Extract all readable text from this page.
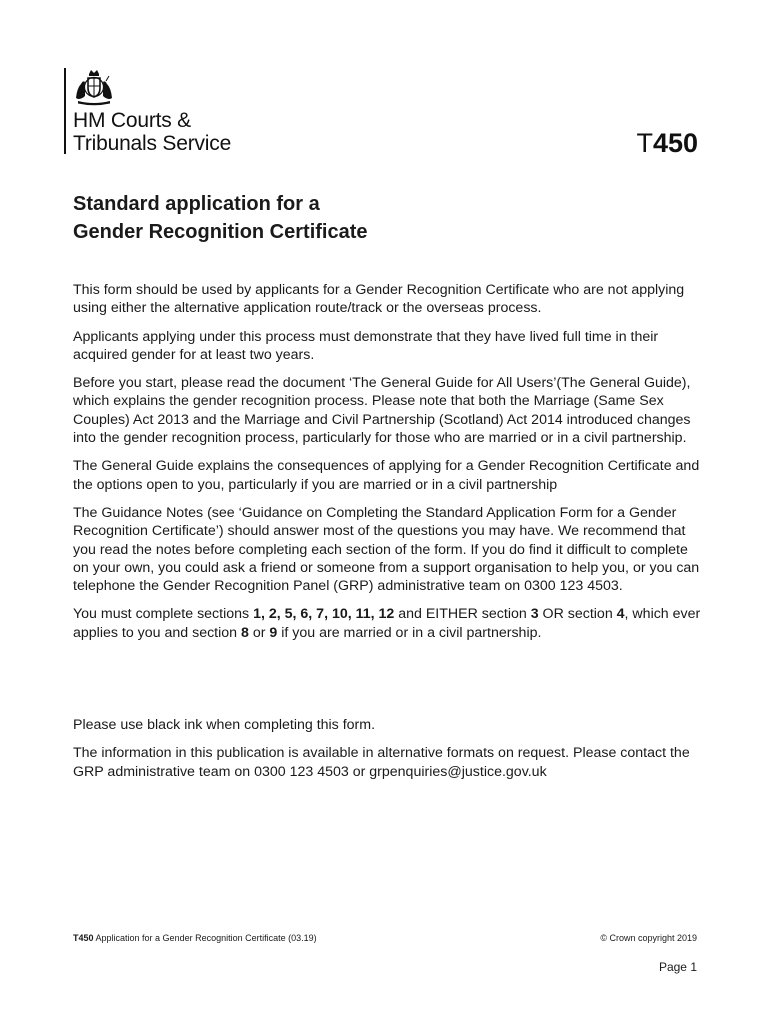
HM Courts &
Tribunals Service	T450
Standard application for a
Gender Recognition Certificate

This form should be used by applicants for a Gender Recognition Certificate who are not applying using either the alternative application route/track or the overseas process.

Applicants applying under this process must demonstrate that they have lived full time in their acquired gender for at least two years.

Before you start, please read the document ‘The General Guide for All Users’(The General Guide), which explains the gender recognition process. Please note that both the Marriage (Same Sex Couples) Act 2013 and the Marriage and Civil Partnership (Scotland) Act 2014 introduced changes into the gender recognition process, particularly for those who are married or in a civil partnership.

The General Guide explains the consequences of applying for a Gender Recognition Certificate and the options open to you, particularly if you are married or in a civil partnership

The Guidance Notes (see ‘Guidance on Completing the Standard Application Form for a Gender Recognition Certificate’) should answer most of the questions you may have. We recommend that you read the notes before completing each section of the form. If you do find it difficult to complete on your own, you could ask a friend or someone from a support organisation to help you, or you can telephone the Gender Recognition Panel (GRP) administrative team on 0300 123 4503.

You must complete sections 1, 2, 5, 6, 7, 10, 11, 12 and EITHER section 3 OR section 4, which ever applies to you and section 8 or 9 if you are married or in a civil partnership.

Please use black ink when completing this form.

The information in this publication is available in alternative formats on request. Please contact the GRP administrative team on 0300 123 4503 or grpenquiries@justice.gov.uk

T450 Application for a Gender Recognition Certificate (03.19)	© Crown copyright 2019
Page 1
